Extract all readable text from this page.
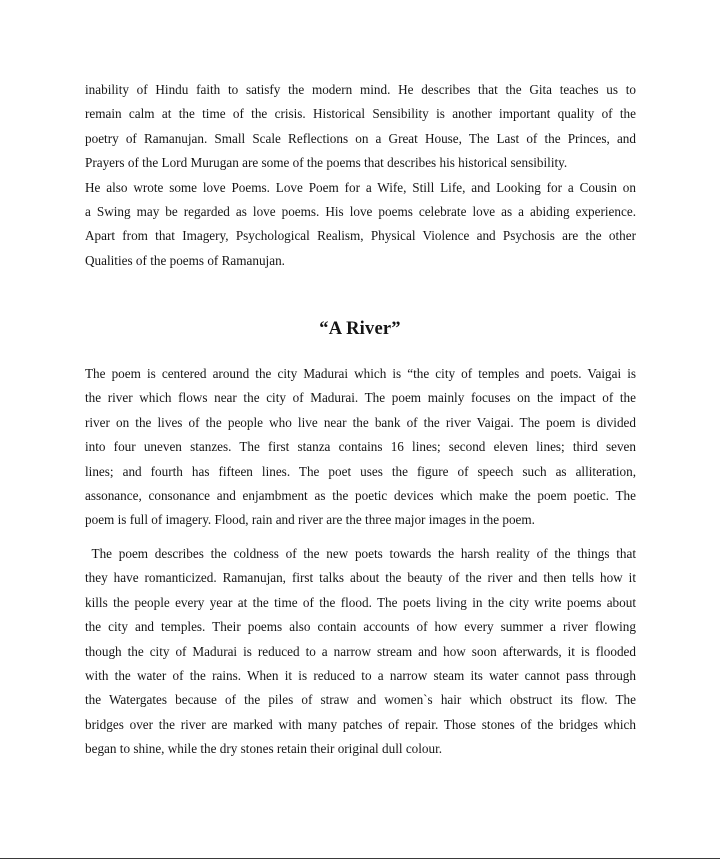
inability of Hindu faith to satisfy the modern mind. He describes that the Gita teaches us to
remain calm at the time of the crisis. Historical Sensibility is another important quality of the
poetry of Ramanujan. Small Scale Reflections on a Great House, The Last of the Princes, and
Prayers of the Lord Murugan are some of the poems that describes his historical sensibility.
He also wrote some love Poems. Love Poem for a Wife, Still Life, and Looking for a Cousin on
a Swing may be regarded as love poems. His love poems celebrate love as a abiding experience.
Apart from that Imagery, Psychological Realism, Physical Violence and Psychosis are the other
Qualities of the poems of Ramanujan.
“A River”
The poem is centered around the city Madurai which is “the city of temples and poets. Vaigai is
the river which flows near the city of Madurai. The poem mainly focuses on the impact of the
river on the lives of the people who live near the bank of the river Vaigai. The poem is divided
into four uneven stanzes. The first stanza contains 16 lines; second eleven lines; third seven
lines; and fourth has fifteen lines. The poet uses the figure of speech such as alliteration,
assonance, consonance and enjambment as the poetic devices which make the poem poetic. The
poem is full of imagery. Flood, rain and river are the three major images in the poem.
The poem describes the coldness of the new poets towards the harsh reality of the things that
they have romanticized. Ramanujan, first talks about the beauty of the river and then tells how it
kills the people every year at the time of the flood. The poets living in the city write poems about
the city and temples. Their poems also contain accounts of how every summer a river flowing
though the city of Madurai is reduced to a narrow stream and how soon afterwards, it is flooded
with the water of the rains. When it is reduced to a narrow steam its water cannot pass through
the Watergates because of the piles of straw and women`s hair which obstruct its flow. The
bridges over the river are marked with many patches of repair. Those stones of the bridges which
began to shine, while the dry stones retain their original dull colour.
